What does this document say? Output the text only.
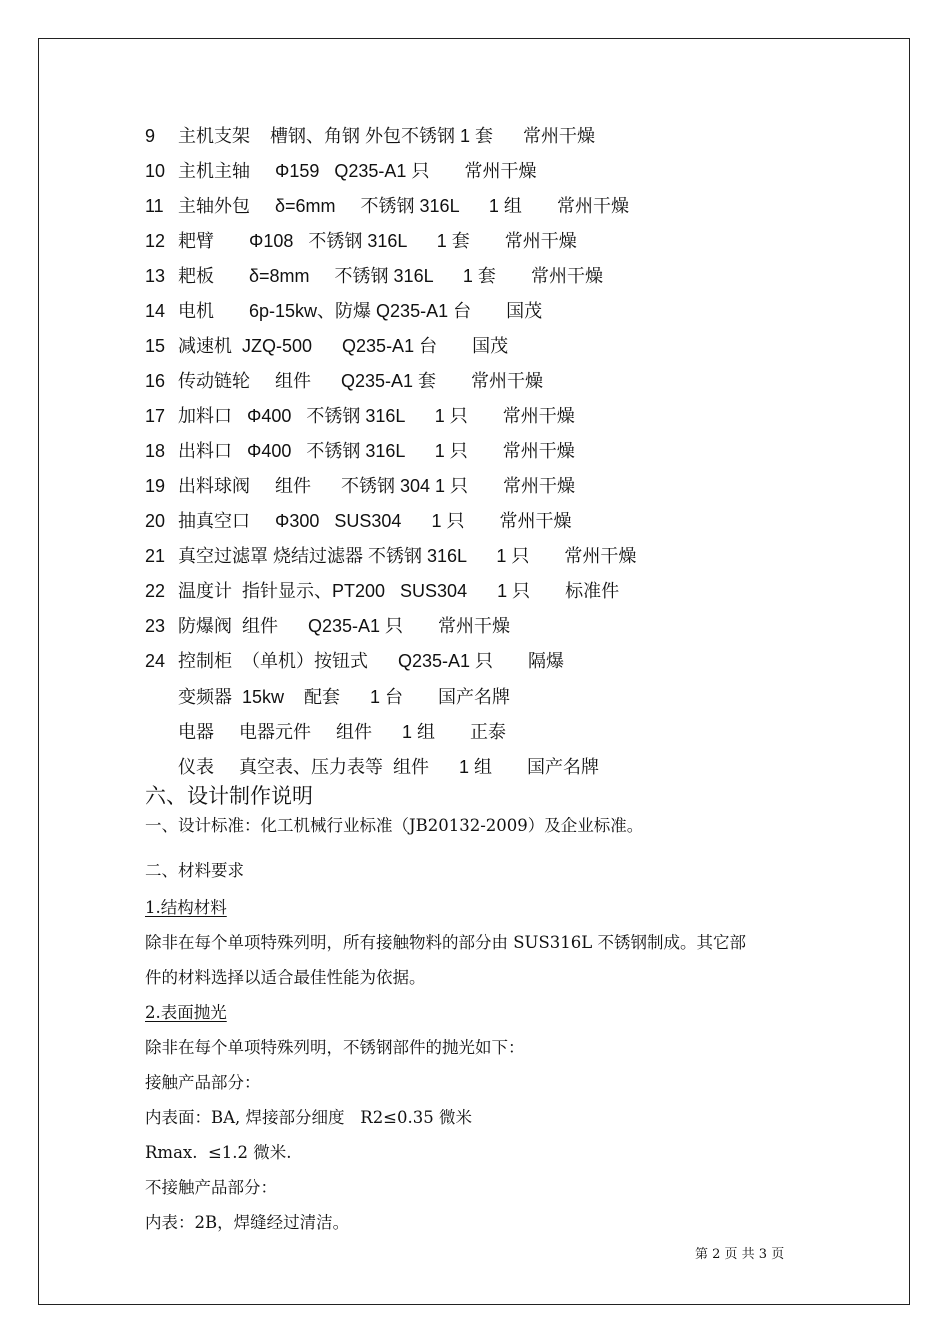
9 主机支架    槽钢、角钢 外包不锈钢 1 套      常州干燥
10 主机主轴     Φ159   Q235-A1 只       常州干燥
11 主轴外包     δ=6mm     不锈钢 316L      1 组       常州干燥
12 耙臂       Φ108   不锈钢 316L      1 套       常州干燥
13 耙板       δ=8mm     不锈钢 316L      1 套       常州干燥
14 电机       6p-15kw、防爆 Q235-A1 台       国茂
15 减速机  JZQ-500      Q235-A1 台       国茂
16 传动链轮     组件      Q235-A1 套       常州干燥
17 加料口   Φ400   不锈钢 316L      1 只       常州干燥
18 出料口   Φ400   不锈钢 316L      1 只       常州干燥
19 出料球阀     组件      不锈钢 304 1 只       常州干燥
20 抽真空口     Φ300   SUS304      1 只       常州干燥
21 真空过滤罩 烧结过滤器 不锈钢 316L      1 只       常州干燥
22 温度计  指针显示、PT200   SUS304      1 只       标准件
23 防爆阀  组件      Q235-A1 只       常州干燥
24 控制柜  （单机）按钮式      Q235-A1 只       隔爆
变频器  15kw    配套      1 台       国产名牌
电器     电器元件     组件      1 组       正泰
仪表     真空表、压力表等  组件      1 组       国产名牌
六、设计制作说明
一、设计标准：化工机械行业标准（JB20132-2009）及企业标准。
二、材料要求
1.结构材料
除非在每个单项特殊列明，所有接触物料的部分由 SUS316L 不锈钢制成。其它部
件的材料选择以适合最佳性能为依据。
2.表面抛光
除非在每个单项特殊列明，不锈钢部件的抛光如下：
接触产品部分：
内表面：BA, 焊接部分细度   R2≤0.35 微米
Rmax.  ≤1.2 微米.
不接触产品部分：
内表：2B，焊缝经过清洁。
第 2 页 共 3 页
